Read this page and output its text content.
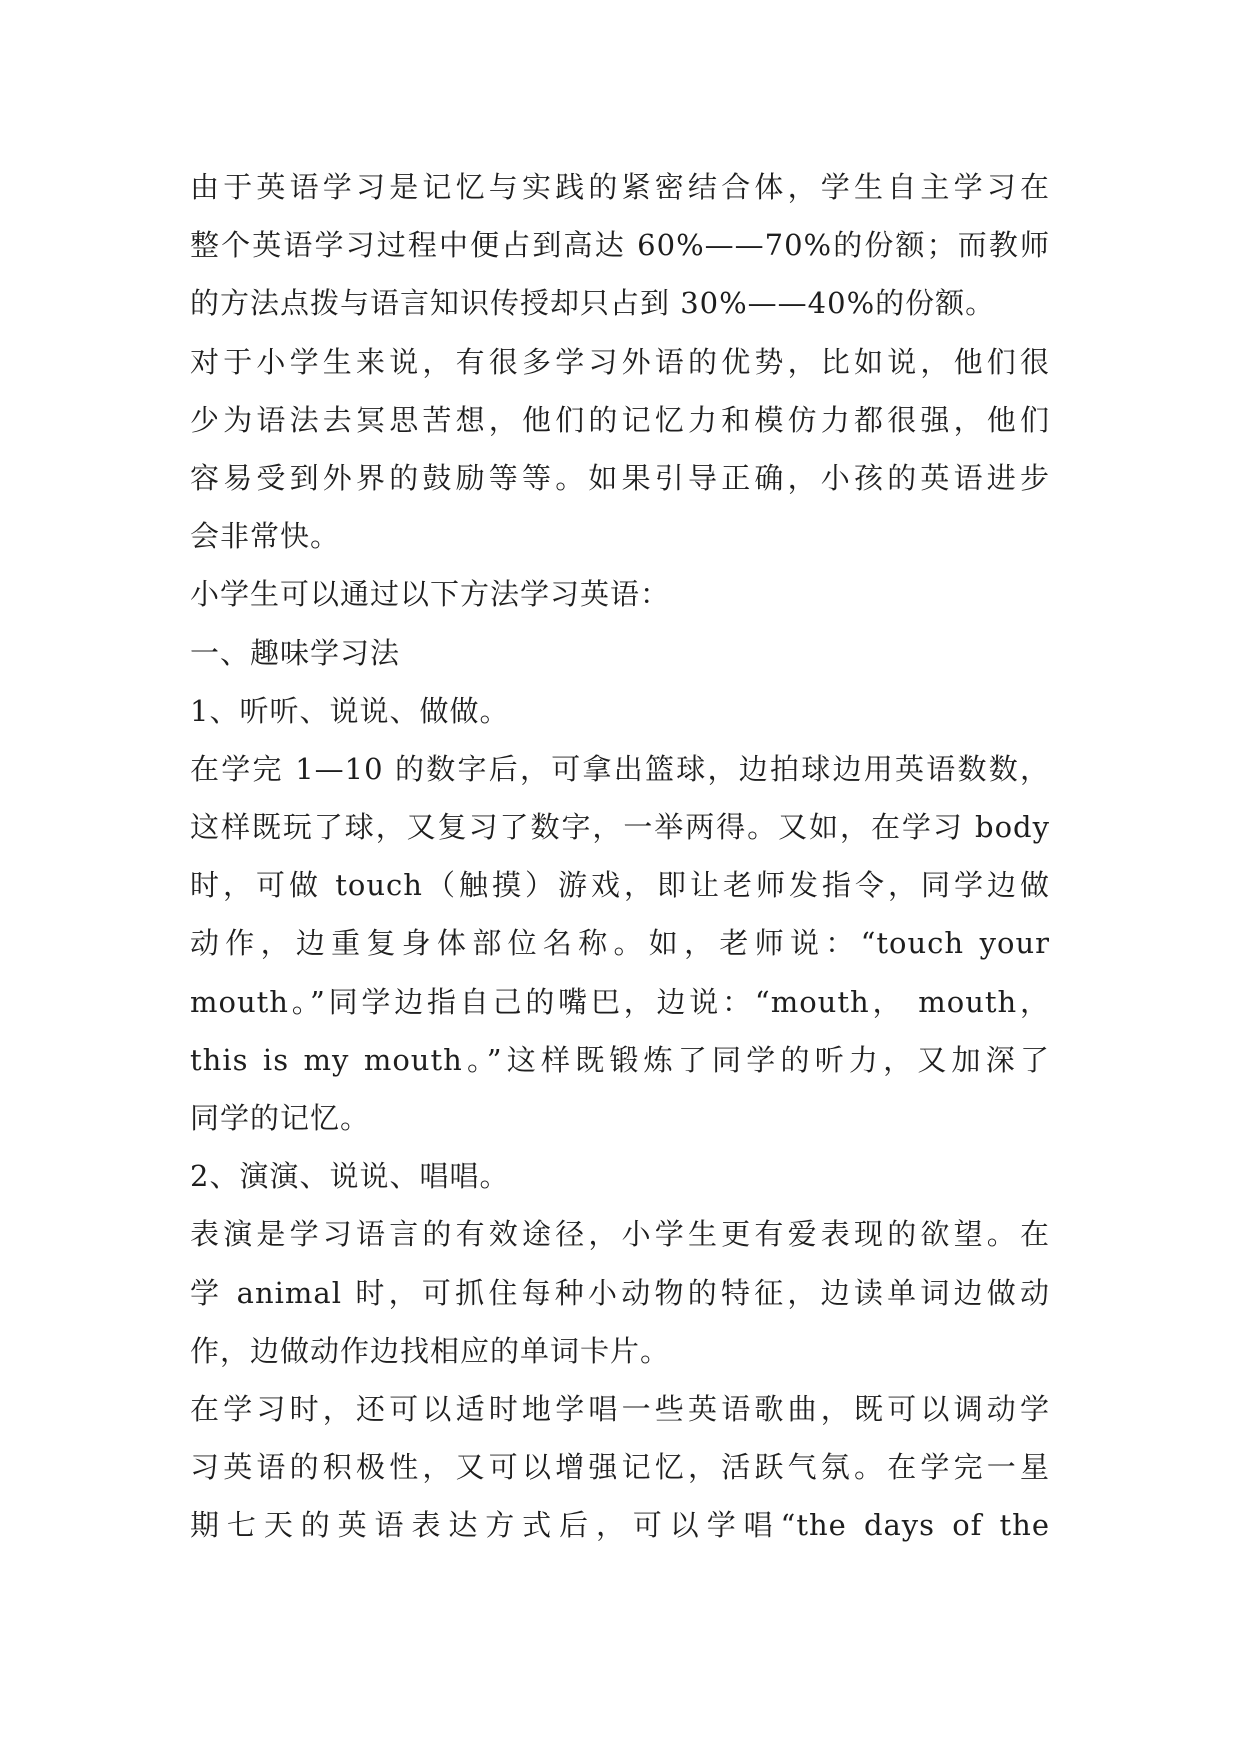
由于英语学习是记忆与实践的紧密结合体，学生自主学习在
整个英语学习过程中便占到高达 60%——70%的份额；而教师
的方法点拨与语言知识传授却只占到 30%——40%的份额。
对于小学生来说，有很多学习外语的优势，比如说，他们很
少为语法去冥思苦想，他们的记忆力和模仿力都很强，他们
容易受到外界的鼓励等等。如果引导正确，小孩的英语进步
会非常快。
小学生可以通过以下方法学习英语：
一、趣味学习法
1、听听、说说、做做。
在学完 1—10 的数字后，可拿出篮球，边拍球边用英语数数，
这样既玩了球，又复习了数字，一举两得。又如，在学习 body
时，可做 touch（触摸）游戏，即让老师发指令，同学边做
动作，边重复身体部位名称。如，老师说：“touch your
mouth。”同学边指自己的嘴巴，边说：“mouth， mouth，
this is my mouth。”这样既锻炼了同学的听力，又加深了
同学的记忆。
2、演演、说说、唱唱。
表演是学习语言的有效途径，小学生更有爱表现的欲望。在
学 animal 时，可抓住每种小动物的特征，边读单词边做动
作，边做动作边找相应的单词卡片。
在学习时，还可以适时地学唱一些英语歌曲，既可以调动学
习英语的积极性，又可以增强记忆，活跃气氛。在学完一星
期七天的英语表达方式后，可以学唱“the days of the
